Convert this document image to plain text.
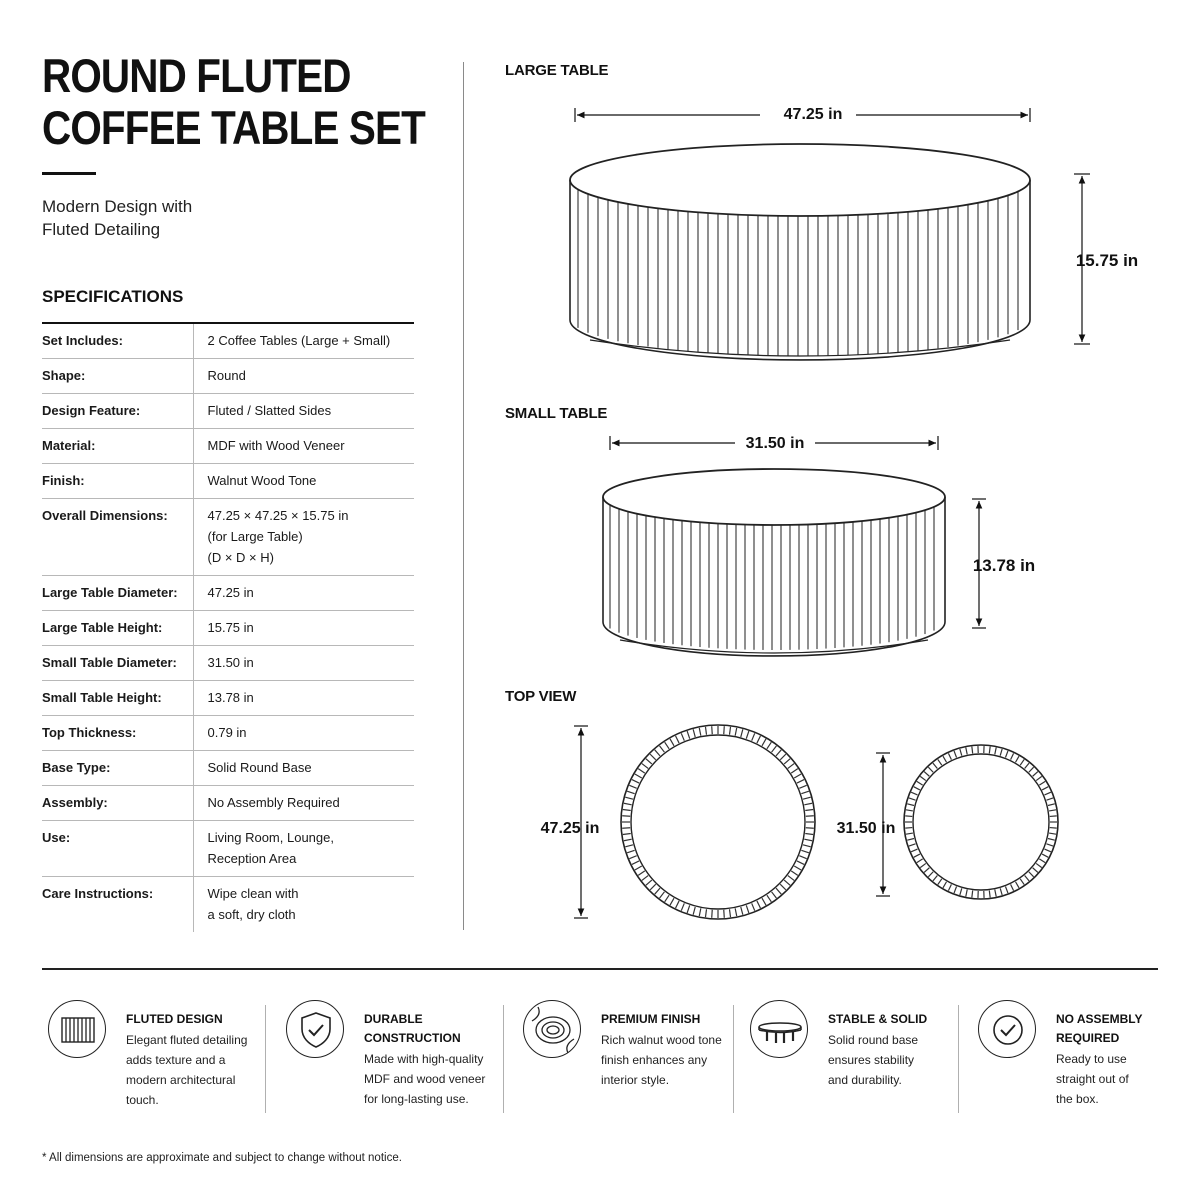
ROUND FLUTED
COFFEE TABLE SET
Modern Design with
Fluted Detailing
SPECIFICATIONS
Set Includes:	2 Coffee Tables (Large + Small)
Shape:	Round
Design Feature:	Fluted / Slatted Sides
Material:	MDF with Wood Veneer
Finish:	Walnut Wood Tone
Overall Dimensions:	47.25 × 47.25 × 15.75 in
(for Large Table)
(D × D × H)
Large Table Diameter:	47.25 in
Large Table Height:	15.75 in
Small Table Diameter:	31.50 in
Small Table Height:	13.78 in
Top Thickness:	0.79 in
Base Type:	Solid Round Base
Assembly:	No Assembly Required
Use:	Living Room, Lounge,
Reception Area
Care Instructions:	Wipe clean with
a soft, dry cloth
LARGE TABLE
SMALL TABLE
TOP VIEW
47.25 in
15.75 in
31.50 in
13.78 in
47.25 in	31.50 in
FLUTED DESIGN
Elegant fluted detailing
adds texture and a
modern architectural
touch.
DURABLE
CONSTRUCTION
Made with high-quality
MDF and wood veneer
for long-lasting use.
PREMIUM FINISH
Rich walnut wood tone
finish enhances any
interior style.
STABLE & SOLID
Solid round base
ensures stability
and durability.
NO ASSEMBLY
REQUIRED
Ready to use
straight out of
the box.
* All dimensions are approximate and subject to change without notice.
